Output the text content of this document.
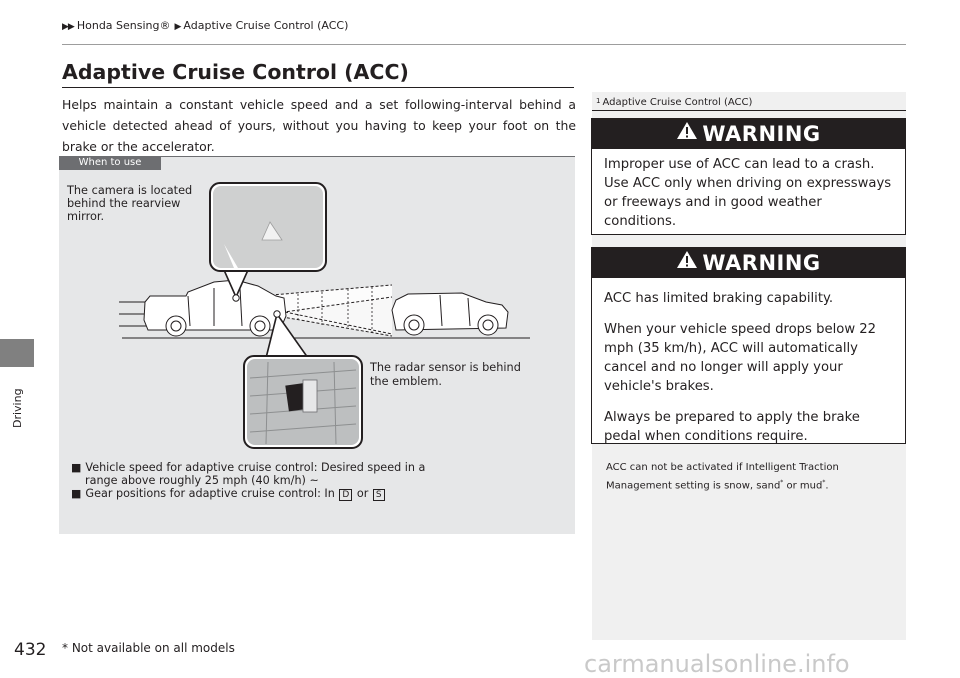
▶▶ Honda Sensing® ▶ Adaptive Cruise Control (ACC)
Driving
Adaptive Cruise Control (ACC)
Helps maintain a constant vehicle speed and a set following-interval behind a vehicle detected ahead of yours, without you having to keep your foot on the brake or the accelerator.
When to use
The camera is located behind the rearview mirror.
The radar sensor is behind the emblem.
■ Vehicle speed for adaptive cruise control: Desired speed in a
range above roughly 25 mph (40 km/h) ~
■ Gear positions for adaptive cruise control: In D or S
$^1$ Adaptive Cruise Control (ACC)
WARNING

Improper use of ACC can lead to a crash. Use ACC only when driving on expressways or freeways and in good weather conditions.

WARNING

ACC has limited braking capability.

When your vehicle speed drops below 22 mph (35 km/h), ACC will automatically cancel and no longer will apply your vehicle's brakes.

Always be prepared to apply the brake pedal when conditions require.

ACC can not be activated if Intelligent Traction Management setting is snow, sand* or mud*.
432 * Not available on all models
carmanualsonline.info
